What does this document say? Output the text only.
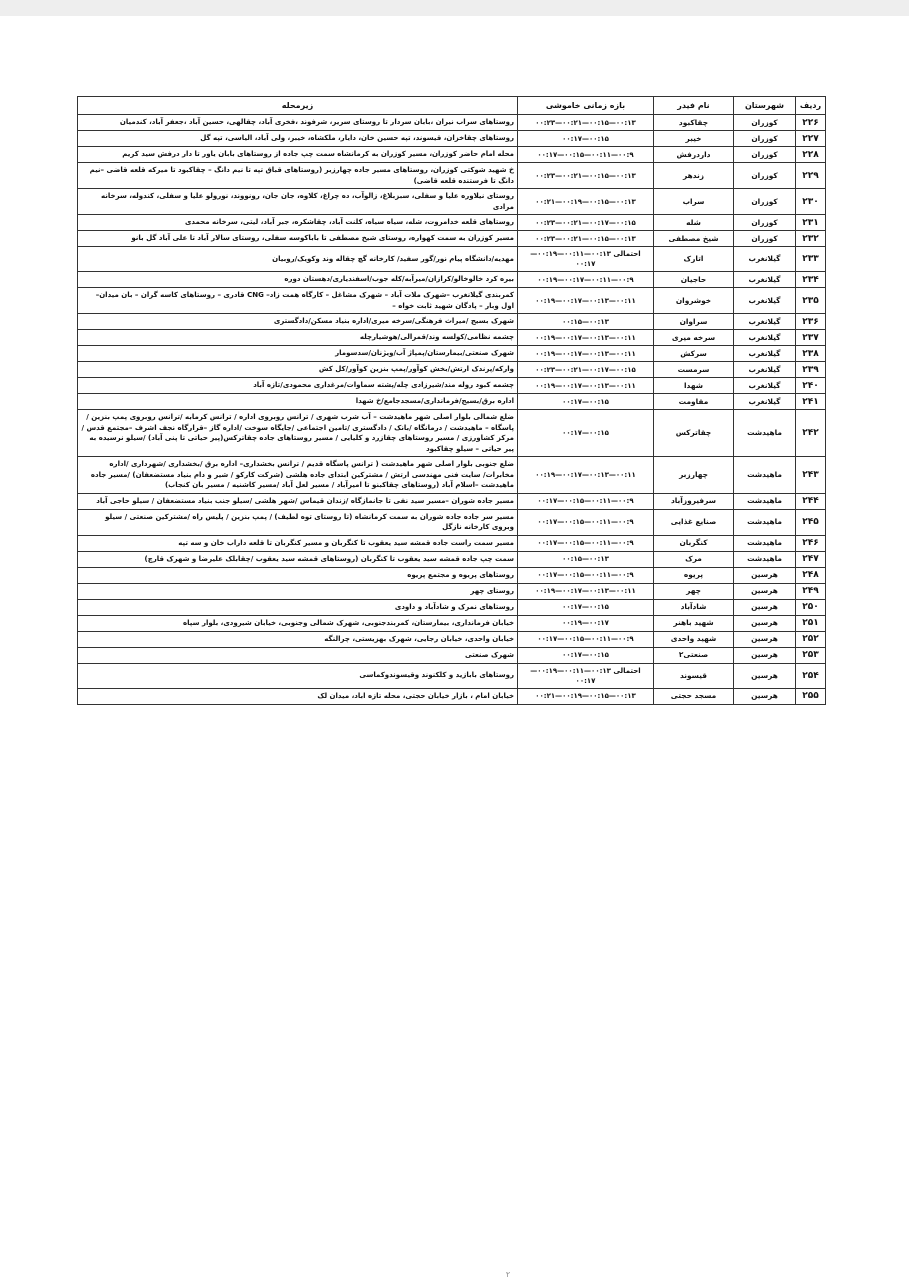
ردیف	شهرستان	نام فیدر	بازه زمانی خاموشی	زیرمحله
۲۲۶	کوزران	چقاکبود	۰۰:۲۳—۰۰:۲۱—۰۰:۱۵—۰۰:۱۳	روستاهای سراب نیران ،بابان سردار تا روستای سریر، شرفوند ،فخری آباد، چقالهی، حسین آباد ،جعفر آباد، کندمیان
۲۲۷	کوزران	خیبر	۰۰:۱۷—۰۰:۱۵	روستاهای چقاخزان، قیسوند، تپه حسین خان، دایار، ملکشاه، خیبر، ولی آباد، الیاسی، تپه گل
۲۲۸	کوزران	داردرفش	۰۰:۱۷—۰۰:۱۵—۰۰:۱۱—۰۰:۹	محله امام حاضر کوزران، مسیر کوزران به کرمانشاه سمت چپ جاده از روستاهای بابان یاور تا دار درفش سید کریم
۲۲۹	کوزران	زندهر	۰۰:۲۳—۰۰:۲۱—۰۰:۱۵—۰۰:۱۳	خ شهید شوکتی کوزران، روستاهای مسیر جاده چهارزبر (روستاهای قباق تپه تا نیم دانگ – چقاکبود تا میرکه قلعه قاضی –نیم دانگ تا فرستنده قلعه قاضی)
۲۳۰	کوزران	سراب	۰۰:۲۱—۰۰:۱۹—۰۰:۱۵—۰۰:۱۳	روستای نیلاوره علیا و سفلی، سبزبلاغ، زالوآب، ده چراغ، کلاوه، جان جان، رونووند، نورولو علیا و سفلی، کندوله، سرخانه مرادی
۲۳۱	کوزران	شله	۰۰:۲۳—۰۰:۲۱—۰۰:۱۷—۰۰:۱۵	روستاهای قلعه خدامروت، شله، سیاه سیاه، کلنت آباد، چقاشکره، جبر آباد، لیتی، سرخانه محمدی
۲۳۲	کوزران	شیخ مصطفی	۰۰:۲۳—۰۰:۲۱—۰۰:۱۵—۰۰:۱۳	مسیر کوزران به سمت کهواره، روستای شیخ مصطفی تا باباکوسه سفلی، روستای سالار آباد تا علی آباد گل بانو
۲۳۳	گیلانغرب	اتارک	احتمالی ۰۰:۱۳—۰۰:۱۱—۰۰:۱۹—۰۰:۱۷	مهدیه/دانشگاه پیام نور/گور سفید/ کارخانه گچ چقاله وند وکویک/روبیان
۲۳۴	گیلانغرب	حاجیان	۰۰:۱۹—۰۰:۱۷—۰۰:۱۱—۰۰:۹	بیره کرد خالوخالو/کرازان/میرآبه/کله جوب/اسفندیاری/دهستان دوره
۲۳۵	گیلانغرب	خوشروان	۰۰:۱۹—۰۰:۱۷—۰۰:۱۳—۰۰:۱۱	کمربندی گیلانغرب –شهرک ملات آباد – شهرک مشاغل – کارگاه همت زاد– CNG قادری – روستاهای کاسه گران – بان میدان– اول وبار – پادگان شهید ثابت خواه –
۲۳۶	گیلانغرب	سراوان	۰۰:۱۵—۰۰:۱۳	شهرک بسیج /میراث فرهنگی/سرخه میری/اداره بنیاد مسکن/دادگستری
۲۳۷	گیلانغرب	سرخه میری	۰۰:۱۹—۰۰:۱۷—۰۰:۱۳—۰۰:۱۱	چشمه نظامی/کولسه وند/قمرالی/هوشیارچله
۲۳۸	گیلانغرب	سرکش	۰۰:۱۹—۰۰:۱۷—۰۰:۱۳—۰۰:۱۱	شهرک صنعتی/بیمارستان/پمپاژ آب/ویژنان/سدسومار
۲۳۹	گیلانغرب	سرمست	۰۰:۲۳—۰۰:۲۱—۰۰:۱۷—۰۰:۱۵	وارکه/پرندک ارتش/بخش کوآور/پمپ بنزین کوآور/کل کش
۲۴۰	گیلانغرب	شهدا	۰۰:۱۹—۰۰:۱۷—۰۰:۱۳—۰۰:۱۱	چشمه کبود روله مند/شیرزادی چله/پشته سماوات/مرغداری محمودی/تازه آباد
۲۴۱	گیلانغرب	مقاومت	۰۰:۱۷—۰۰:۱۵	اداره برق/بسیج/فرمانداری/مسجدجامع/خ شهدا
۲۴۲	ماهیدشت	چقاترکس	۰۰:۱۷—۰۰:۱۵	ضلع شمالی بلوار اصلی شهر ماهیدشت – آب شرب شهری / ترانس روبروی اداره / ترانس کرمابه /ترانس روبروی پمپ بنزین /پاسگاه – ماهیدشت / درمانگاه /بانک / دادگستری /تامین اجتماعی /جایگاه سوخت /اداره گاز –قرارگاه نجف اشرف –مجتمع قدس /مرکز کشاورزی / مسیر روستاهای چقازرد و کلیایی / مسیر روستاهای جاده چقاترکس(پیر حیاتی تا پنی آباد) /سیلو نرسیده به پیر حیاتی – سیلو چقاکبود
۲۴۳	ماهیدشت	چهارزبر	۰۰:۱۹—۰۰:۱۷—۰۰:۱۳—۰۰:۱۱	ضلع جنوبی بلوار اصلی شهر ماهیدشت ( ترانس پاسگاه قدیم / ترانس بخشداری– اداره برق /بخشداری /شهرداری /اداره مخابرات/ سایت فنی مهندسی ارتش / مشترکین ابتدای جاده هلشی (شرکت کارکو / شیر و دام بنیاد مستضعفان) /مسیر جاده ماهیدشت –اسلام آباد (روستاهای چقاکبنو تا امیرآباد / مسیر لعل آباد /مسیر کاشنیه / مسیر بان کنجاب)
۲۴۴	ماهیدشت	سرفیروزآباد	۰۰:۱۷—۰۰:۱۵—۰۰:۱۱—۰۰:۹	مسیر جاده شوران –مسیر سید نفی تا جانمازگاه /زندان قیماس /شهر هلشی /سیلو جنب بنیاد مستضعفان / سیلو حاجی آباد
۲۴۵	ماهیدشت	صنایع غذایی	۰۰:۱۷—۰۰:۱۵—۰۰:۱۱—۰۰:۹	مسیر سر جاده جاده شوران به سمت کرمانشاه (تا روستای توه لطیف) / پمپ بنزین / پلیس راه /مشترکین صنعتی / سیلو وبروی کارخانه نازگل
۲۴۶	ماهیدشت	کنگربان	۰۰:۱۷—۰۰:۱۵—۰۰:۱۱—۰۰:۹	مسیر سمت راست جاده قمشه سید یعقوب تا کنگربان و مسیر کنگربان تا قلعه داراب خان و سه تپه
۲۴۷	ماهیدشت	مرک	۰۰:۱۵—۰۰:۱۳	سمت چپ جاده قمشه سید یعقوب تا کنگربان (روستاهای قمشه سید یعقوب /چقابلک علیرضا و شهرک قارچ)
۲۴۸	هرسین	پریوه	۰۰:۱۷—۰۰:۱۵—۰۰:۱۱—۰۰:۹	روستاهای پریوه و مجتمع پریوه
۲۴۹	هرسین	چهر	۰۰:۱۹—۰۰:۱۷—۰۰:۱۳—۰۰:۱۱	روستای چهر
۲۵۰	هرسین	شادآباد	۰۰:۱۷—۰۰:۱۵	روستاهای نمرک و شاد‌آباد و داودی
۲۵۱	هرسین	شهید باهنر	۰۰:۱۹—۰۰:۱۷	خیابان فرمانداری، بیمارستان، کمربندجنوبی، شهرک شمالی وجنوبی، خیابان شیرودی، بلوار سپاه
۲۵۲	هرسین	شهید واحدی	۰۰:۱۷—۰۰:۱۵—۰۰:۱۱—۰۰:۹	خیابان واحدی، خیابان رجایی، شهرک بهزیستی، چرالنگه
۲۵۳	هرسین	صنعتی۲	۰۰:۱۷—۰۰:۱۵	شهرک صنعتی
۲۵۴	هرسین	قیسوند	احتمالی ۰۰:۱۳—۰۰:۱۱—۰۰:۱۹—۰۰:۱۷	روستاهای بابازید و کلکنوند وقیسوندوکماسی
۲۵۵	هرسین	مسجد حجتی	۰۰:۲۱—۰۰:۱۹—۰۰:۱۵—۰۰:۱۳	خیابان امام ، بازار خیابان حجتی، محله تازه اباد، میدان لک
۲
